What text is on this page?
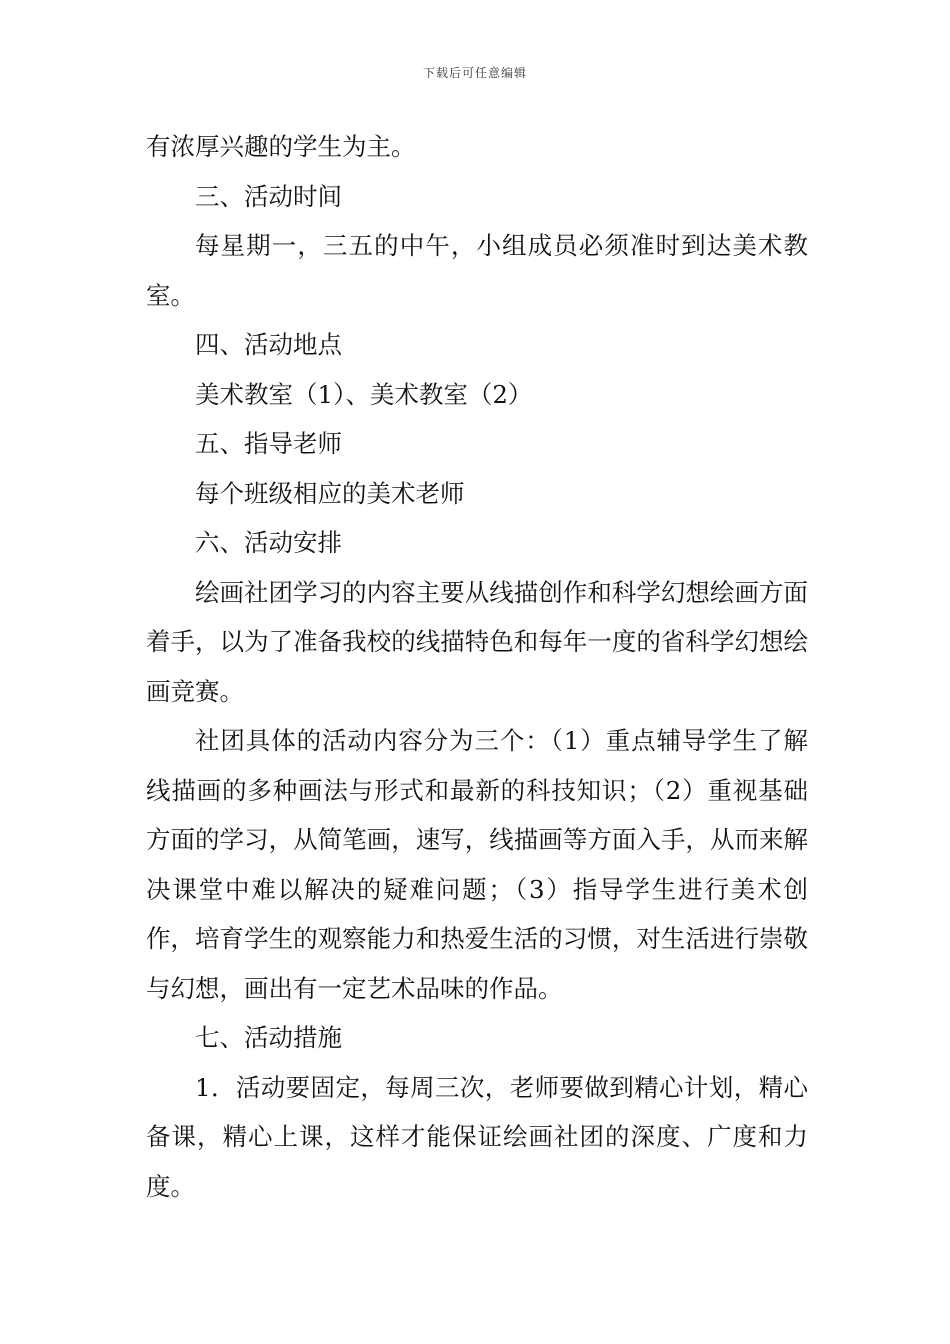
下载后可任意编辑

有浓厚兴趣的学生为主。

三、活动时间

每星期一，三五的中午，小组成员必须准时到达美术教室。

四、活动地点

美术教室（1）、美术教室（2）

五、指导老师

每个班级相应的美术老师

六、活动安排

绘画社团学习的内容主要从线描创作和科学幻想绘画方面着手，以为了准备我校的线描特色和每年一度的省科学幻想绘画竞赛。

社团具体的活动内容分为三个：（1）重点辅导学生了解线描画的多种画法与形式和最新的科技知识；（2）重视基础方面的学习，从简笔画，速写，线描画等方面入手，从而来解决课堂中难以解决的疑难问题；（3）指导学生进行美术创作，培育学生的观察能力和热爱生活的习惯，对生活进行崇敬与幻想，画出有一定艺术品味的作品。

七、活动措施

1．活动要固定，每周三次，老师要做到精心计划，精心备课，精心上课，这样才能保证绘画社团的深度、广度和力度。
